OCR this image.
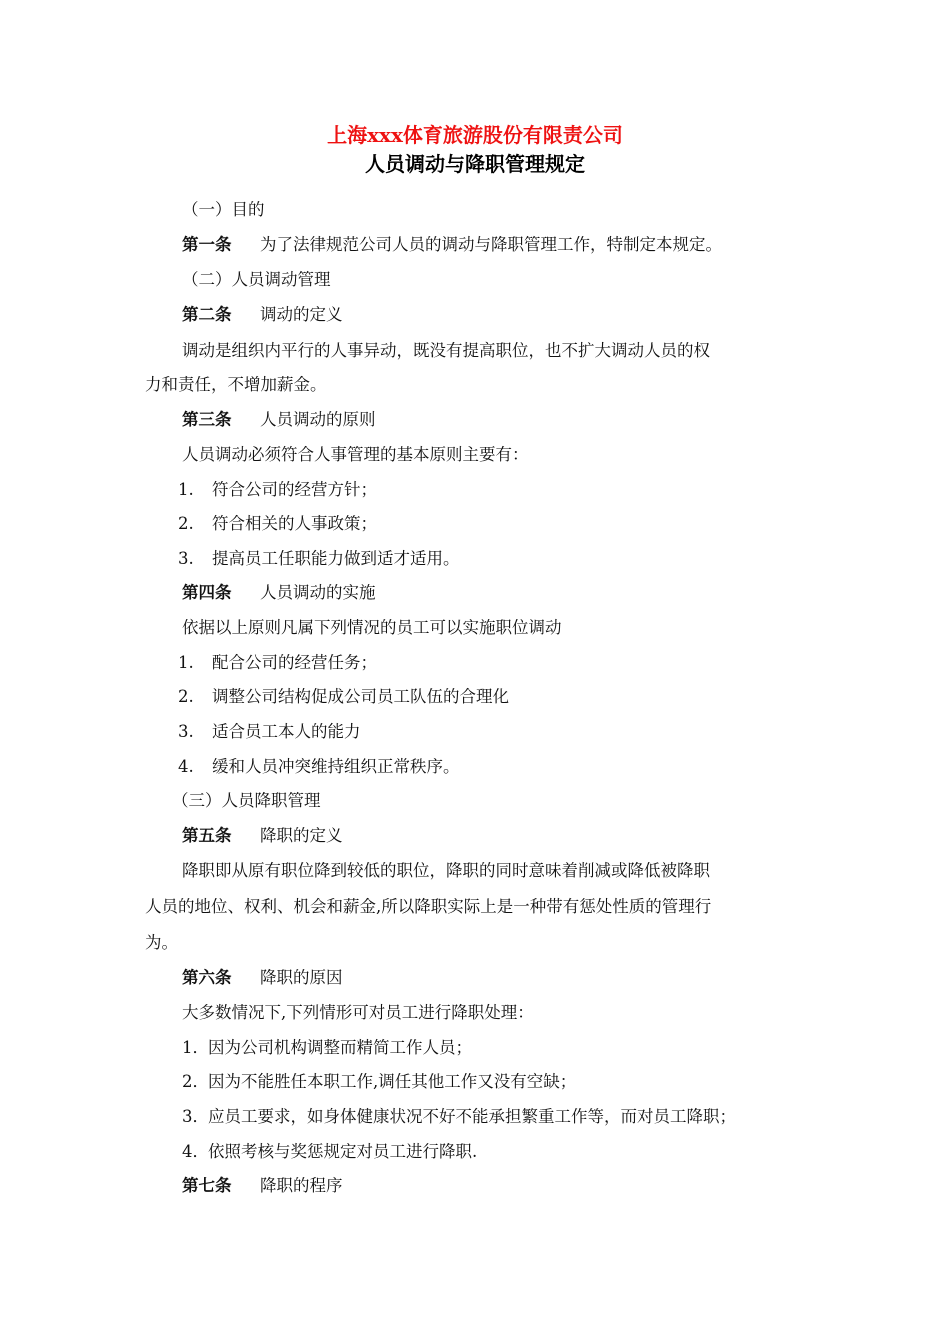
上海xxx体育旅游股份有限责公司
人员调动与降职管理规定
（一）目的
第一条 为了法律规范公司人员的调动与降职管理工作，特制定本规定。
（二）人员调动管理
第二条 调动的定义
调动是组织内平行的人事异动，既没有提高职位，也不扩大调动人员的权
力和责任，不增加薪金。
第三条 人员调动的原则
人员调动必须符合人事管理的基本原则主要有：
1. 符合公司的经营方针；
2. 符合相关的人事政策；
3. 提高员工任职能力做到适才适用。
第四条 人员调动的实施
依据以上原则凡属下列情况的员工可以实施职位调动
1. 配合公司的经营任务；
2. 调整公司结构促成公司员工队伍的合理化
3. 适合员工本人的能力
4. 缓和人员冲突维持组织正常秩序。
（三）人员降职管理
第五条 降职的定义
降职即从原有职位降到较低的职位，降职的同时意味着削减或降低被降职
人员的地位、权利、机会和薪金,所以降职实际上是一种带有惩处性质的管理行
为。
第六条 降职的原因
大多数情况下,下列情形可对员工进行降职处理：
1．因为公司机构调整而精简工作人员；
2．因为不能胜任本职工作,调任其他工作又没有空缺；
3．应员工要求，如身体健康状况不好不能承担繁重工作等，而对员工降职；
4．依照考核与奖惩规定对员工进行降职.
第七条 降职的程序
